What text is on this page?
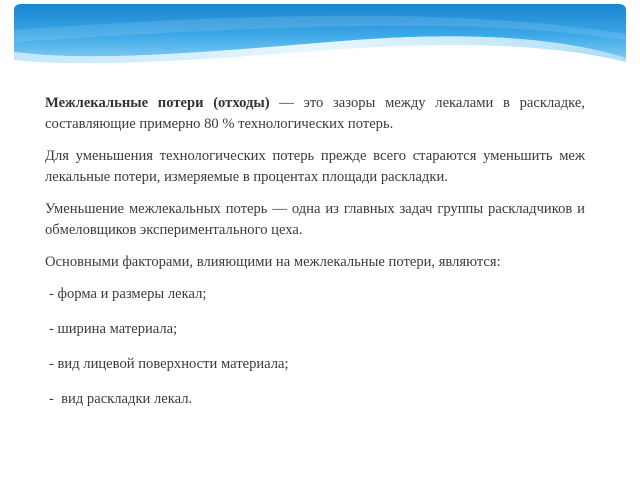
Межлекальные потери (отходы) — это зазоры между лекалами в раскладке, составляющие примерно 80 % технологических потерь.

Для уменьшения технологических потерь прежде всего стараются уменьшить меж лекальные потери, измеряемые в процентах площади раскладки.

Уменьшение межлекальных потерь — одна из главных задач группы раскладчиков и обмеловщиков экспериментального цеха.

Основными факторами, влияющими на межлекальные потери, являются:

- форма и размеры лекал;

- ширина материала;

- вид лицевой поверхности материала;

-  вид раскладки лекал.
